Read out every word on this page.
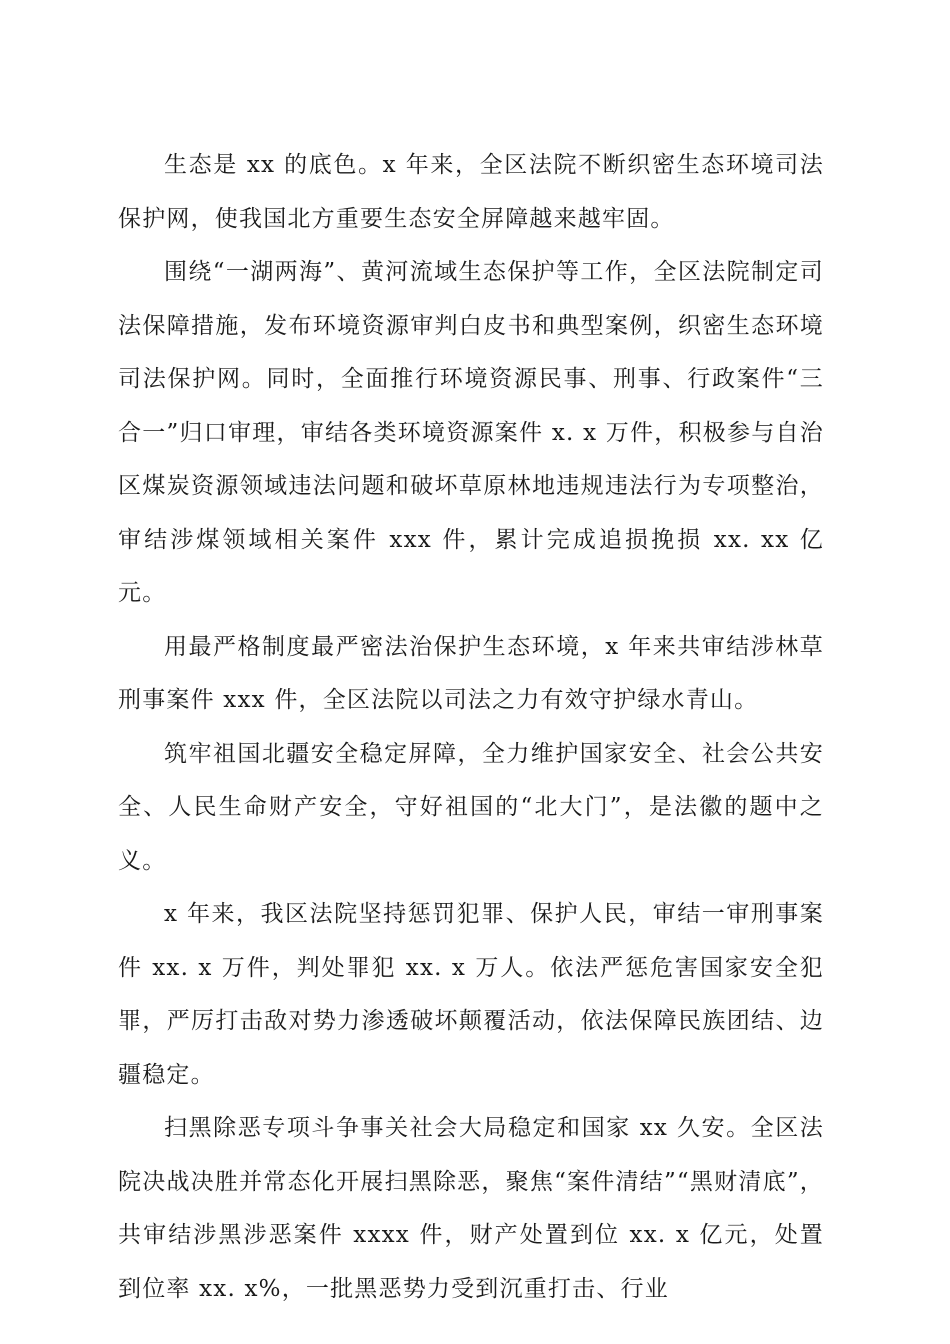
生态是 xx 的底色。x 年来，全区法院不断织密生态环境司法保护网，使我国北方重要生态安全屏障越来越牢固。

围绕“一湖两海”、黄河流域生态保护等工作，全区法院制定司法保障措施，发布环境资源审判白皮书和典型案例，织密生态环境司法保护网。同时，全面推行环境资源民事、刑事、行政案件“三合一”归口审理，审结各类环境资源案件 x. x 万件，积极参与自治区煤炭资源领域违法问题和破坏草原林地违规违法行为专项整治，审结涉煤领域相关案件 xxx 件，累计完成追损挽损 xx. xx 亿元。

用最严格制度最严密法治保护生态环境，x 年来共审结涉林草刑事案件 xxx 件，全区法院以司法之力有效守护绿水青山。

筑牢祖国北疆安全稳定屏障，全力维护国家安全、社会公共安全、人民生命财产安全，守好祖国的“北大门”，是法徽的题中之义。

x 年来，我区法院坚持惩罚犯罪、保护人民，审结一审刑事案件 xx. x 万件，判处罪犯 xx. x 万人。依法严惩危害国家安全犯罪，严厉打击敌对势力渗透破坏颠覆活动，依法保障民族团结、边疆稳定。

扫黑除恶专项斗争事关社会大局稳定和国家 xx 久安。全区法院决战决胜并常态化开展扫黑除恶，聚焦“案件清结”“黑财清底”，共审结涉黑涉恶案件 xxxx 件，财产处置到位 xx. x 亿元，处置到位率 xx. x%，一批黑恶势力受到沉重打击、行业
